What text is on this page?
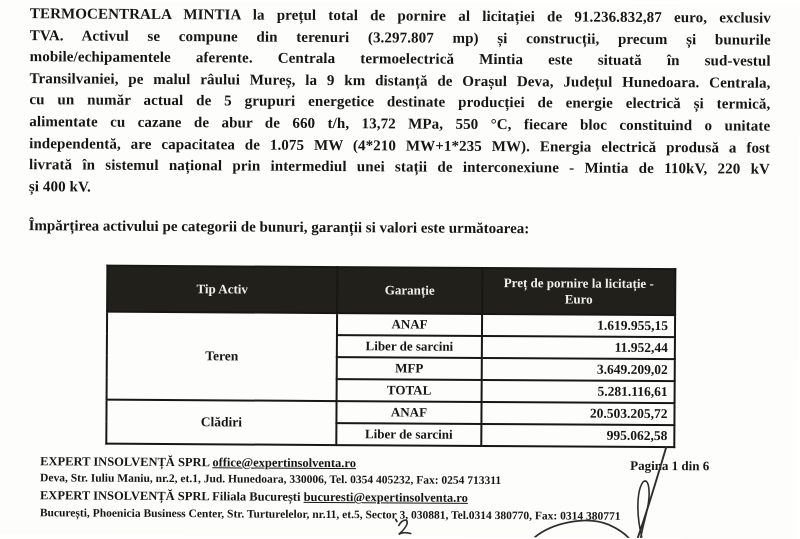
TERMOCENTRALA MINTIA la prețul total de pornire al licitației de 91.236.832,87 euro, exclusiv
TVA. Activul se compune din terenuri (3.297.807 mp) și construcții, precum și bunurile
mobile/echipamentele aferente. Centrala termoelectrică Mintia este situată în sud-vestul
Transilvaniei, pe malul râului Mureș, la 9 km distanță de Orașul Deva, Județul Hunedoara. Centrala,
cu un număr actual de 5 grupuri energetice destinate producției de energie electrică și termică,
alimentate cu cazane de abur de 660 t/h, 13,72 MPa, 550 °C, fiecare bloc constituind o unitate
independentă, are capacitatea de 1.075 MW (4*210 MW+1*235 MW). Energia electrică produsă a fost
livrată în sistemul național prin intermediul unei stații de interconexiune - Mintia de 110kV, 220 kV
și 400 kV.
Împărțirea activului pe categorii de bunuri, garanții si valori este următoarea:
Tip Activ	Garanție	Preț de pornire la licitație - Euro
Teren	ANAF	1.619.955,15
	Liber de sarcini	11.952,44
	MFP	3.649.209,02
	TOTAL	5.281.116,61
Clădiri	ANAF	20.503.205,72
	Liber de sarcini	995.062,58
EXPERT INSOLVENȚĂ SPRL office@expertinsolventa.ro
Deva, Str. Iuliu Maniu, nr.2, et.1, Jud. Hunedoara, 330006, Tel. 0354 405232, Fax: 0254 713311
EXPERT INSOLVENȚĂ SPRL Filiala București bucuresti@expertinsolventa.ro
București, Phoenicia Business Center, Str. Turturelelor, nr.11, et.5, Sector 3, 030881, Tel.0314 380770, Fax: 0314 380771
Pagina 1 din 6
